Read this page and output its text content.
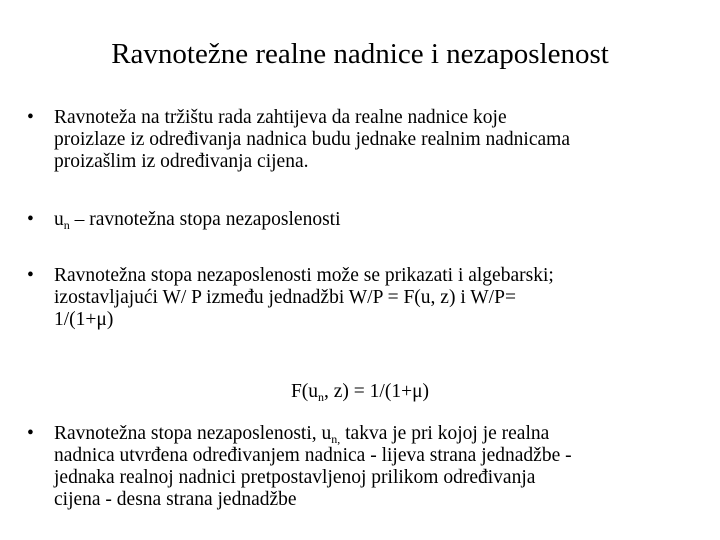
Ravnotežne realne nadnice i nezaposlenost
•	Ravnoteža na tržištu rada zahtijeva da realne nadnice koje
proizlaze iz određivanja nadnica budu jednake realnim nadnicama
proizašlim iz određivanja cijena.
•	$u_n$ – ravnotežna stopa nezaposlenosti
•	Ravnotežna stopa nezaposlenosti može se prikazati i algebarski;
izostavljajući W/ P između jednadžbi W/P = F(u, z) i W/P=
1/(1+μ)
$F(u_n$, z) = 1/(1+μ)
•	Ravnotežna stopa nezaposlenosti, $u_{n,}$ takva je pri kojoj je realna
nadnica utvrđena određivanjem nadnica - lijeva strana jednadžbe -
jednaka realnoj nadnici pretpostavljenoj prilikom određivanja
cijena - desna strana jednadžbe
